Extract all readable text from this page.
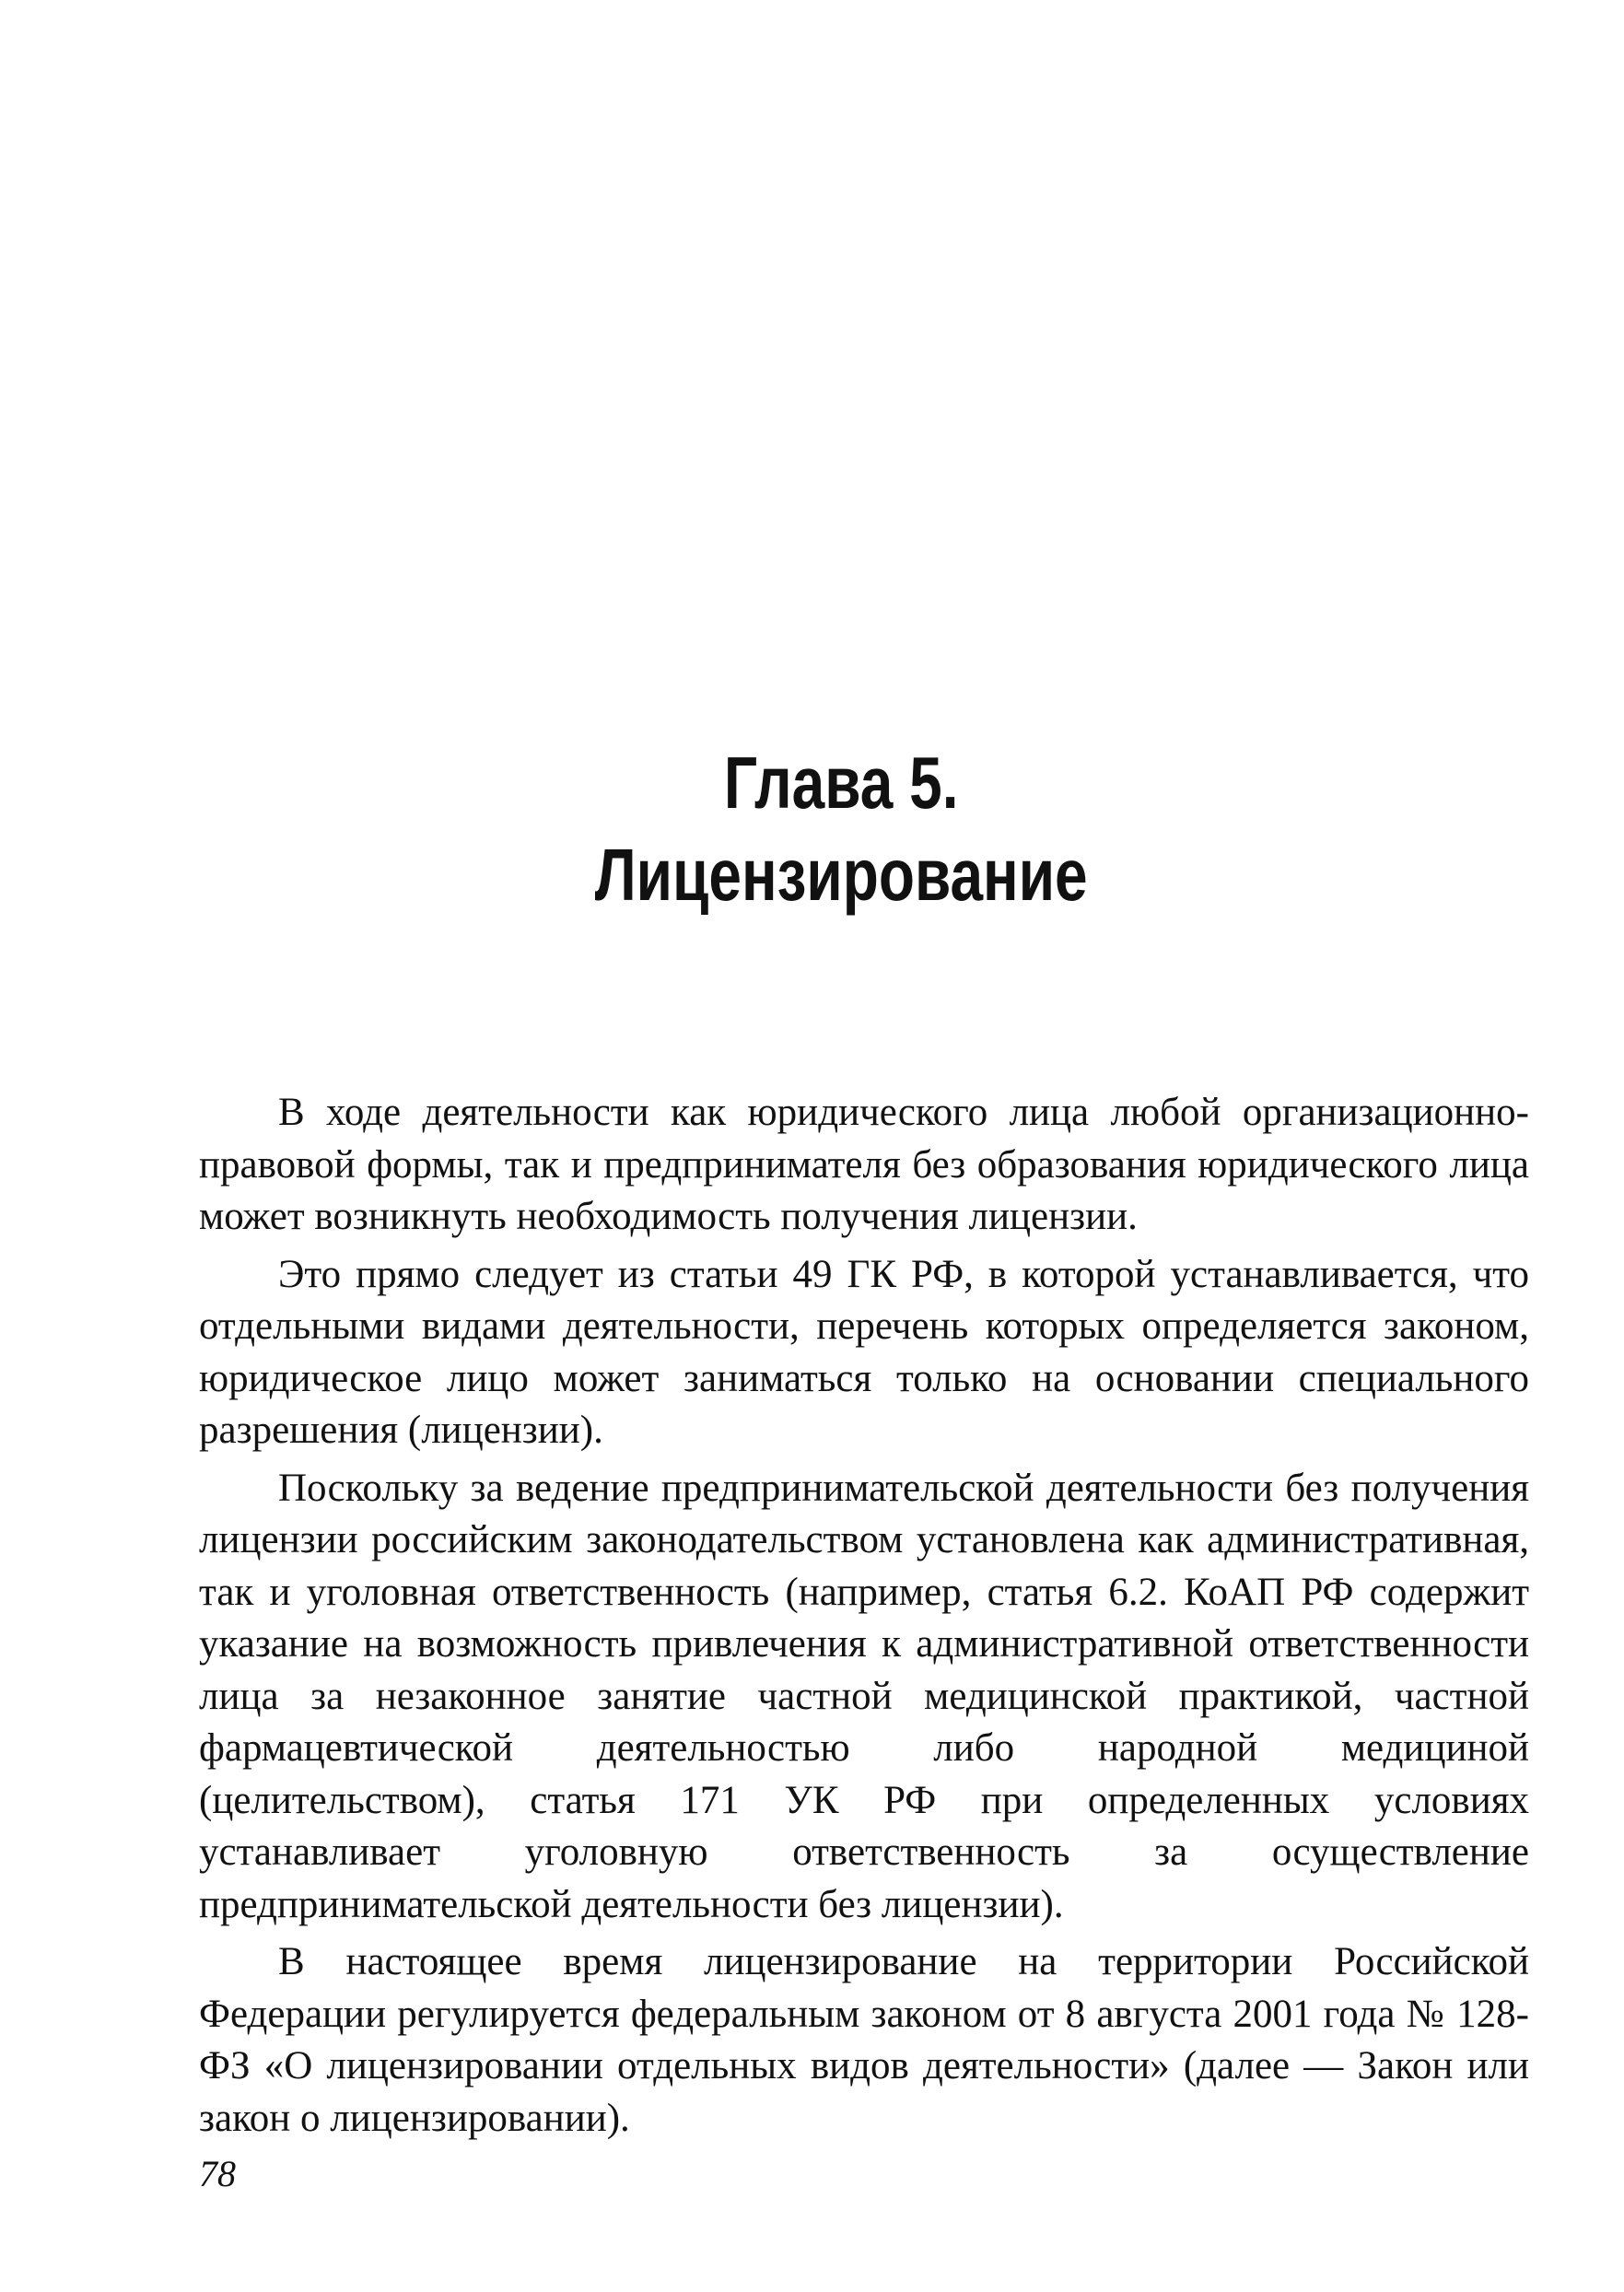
Глава 5.
Лицензирование

В ходе деятельности как юридического лица любой организационно-правовой формы, так и предпринимателя без образования юридического лица может возникнуть необходимость получения лицензии.

Это прямо следует из статьи 49 ГК РФ, в которой устанавливается, что отдельными видами деятельности, перечень которых определяется законом, юридическое лицо может заниматься только на основании специального разрешения (лицензии).

Поскольку за ведение предпринимательской деятельности без получения лицензии российским законодательством установлена как административная, так и уголовная ответственность (например, статья 6.2. КоАП РФ содержит указание на возможность привлечения к административной ответственности лица за незаконное занятие частной медицинской практикой, частной фармацевтической деятельностью либо народной медициной (целительством), статья 171 УК РФ при определенных условиях устанавливает уголовную ответственность за осуществление предпринимательской деятельности без лицензии).

В настоящее время лицензирование на территории Российской Федерации регулируется федеральным законом от 8 августа 2001 года № 128-ФЗ «О лицензировании отдельных видов деятельности» (далее — Закон или закон о лицензировании).

78
